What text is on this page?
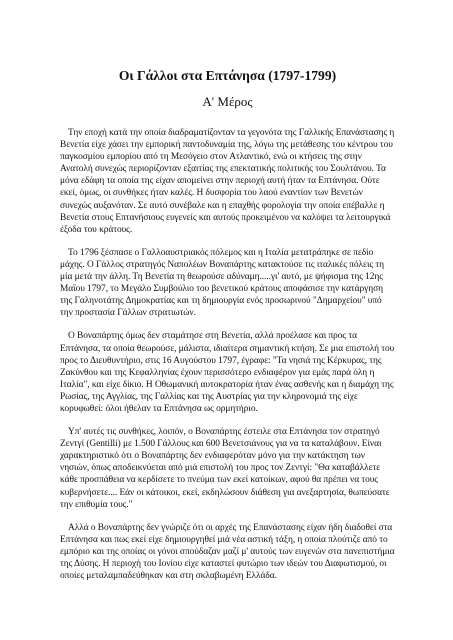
Οι Γάλλοι στα Επτάνησα (1797-1799)
Α' Μέρος

Την εποχή κατά την οποία διαδραματίζονταν τα γεγονότα της Γαλλικής Επανάστασης η Βενετία είχε χάσει την εμπορική παντοδυναμία της, λόγω της μετάθεσης του κέντρου του παγκοσμίου εμπορίου από τη Μεσόγειο στον Ατλαντικό, ενώ οι κτήσεις της στην Ανατολή συνεχώς περιορίζονταν εξαιτίας της επεκτατικής πολιτικής του Σουλτάνου. Τα μόνα εδάφη τα οποία της είχαν απομείνει στην περιοχή αυτή ήταν τα Επτάνησα. Ούτε εκεί, όμως, οι συνθήκες ήταν καλές. Η δυσφορία του λαού εναντίον των Βενετών συνεχώς αυξανόταν. Σε αυτό συνέβαλε και η επαχθής φορολογία την οποία επέβαλλε η Βενετία στους Επτανήσιους ευγενείς και αυτούς προκειμένου να καλύψει τα λειτουργικά έξοδα του κράτους.

Το 1796 ξέσπασε ο Γαλλοαυστριακός πόλεμος και η Ιταλία μετατράπηκε σε πεδίο μάχης. Ο Γάλλος στρατηγός Ναπολέων Βοναπάρτης κατακτούσε τις ιταλικές πόλεις τη μία μετά την άλλη. Τη Βενετία τη θεωρούσε αδύναμη.....γι' αυτό, με ψήφισμα της 12ης Μαΐου 1797, το Μεγάλο Συμβούλιο του βενετικού κράτους αποφάσισε την κατάργηση της Γαληνοτάτης Δημοκρατίας και τη δημιουργία ενός προσωρινού "Δημαρχείου" υπό την προστασία Γάλλων στρατιωτών.

Ο Βοναπάρτης όμως δεν σταμάτησε στη Βενετία, αλλά προέλασε και προς τα Επτάνησα, τα οποία θεωρούσε, μάλιστα, ιδιαίτερα σημαντική κτήση. Σε μια επιστολή του προς το Διευθυντήριο, στις 16 Αυγούστου 1797, έγραφε: "Τα νησιά της Κέρκυρας, της Ζακύνθου και της Κεφαλληνίας έχουν περισσότερο ενδιαφέρον για εμάς παρά όλη η Ιταλία", και είχε δίκιο. Η Οθωμανική αυτοκρατορία ήταν ένας ασθενής και η διαμάχη της Ρωσίας, της Αγγλίας, της Γαλλίας και της Αυστρίας για την κληρονομιά της είχε κορυφωθεί: όλοι ήθελαν τα Επτάνησα ως ορμητήριο.

Υπ' αυτές τις συνθήκες, λοιπόν, ο Βοναπάρτης έστειλε στα Επτάνησα τον στρατηγό Ζεντγί (Gentilli) με 1.500 Γάλλους και 600 Βενετσιάνους για να τα καταλάβουν. Είναι χαρακτηριστικό ότι ο Βοναπάρτης δεν ενδιαφερόταν μόνο για την κατάκτηση των νησιών, όπως αποδεικνύεται από μιά επιστολή του προς τον Ζεντγί: "Θα καταβάλλετε κάθε προσπάθεια να κερδίσετε το πνεύμα των εκεί κατοίκων, αφού θα πρέπει να τους κυβερνήσετε.... Εάν οι κάτοικοι, εκεί, εκδηλώσουν διάθεση για ανεξαρτησία, θωπεύσατε την επιθυμία τους."

Αλλά ο Βοναπάρτης δεν γνώριζε ότι οι αρχές της Επανάστασης είχαν ήδη διαδοθεί στα Επτάνησα και πως εκεί είχε δημιουργηθεί μιά νέα αστική τάξη, η οποία πλούτιζε από το εμπόριο και της οποίας οι γόνοι σπούδαζαν μαζί μ' αυτούς των ευγενών στα πανεπιστήμια της Δύσης. Η περιοχή του Ιονίου είχε καταστεί φυτώριο των ιδεών του Διαφωτισμού, οι οποίες μεταλαμπαδεύθηκαν και στη σκλαβωμένη Ελλάδα.
